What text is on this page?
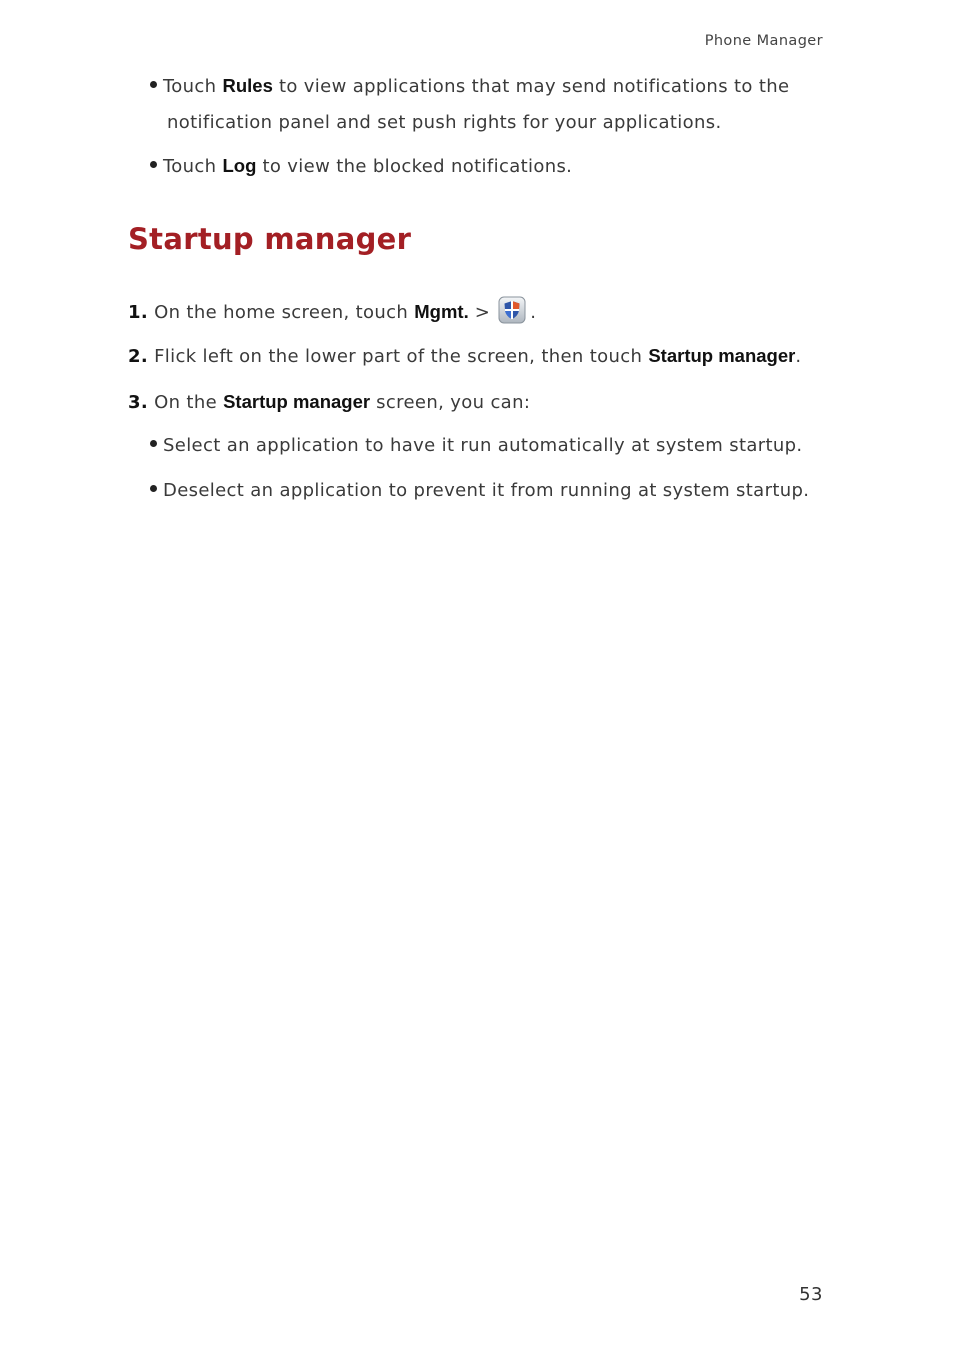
Phone Manager
Touch Rules to view applications that may send notifications to the
notification panel and set push rights for your applications.
Touch Log to view the blocked notifications.
Startup manager
1. On the home screen, touch Mgmt. > .
2. Flick left on the lower part of the screen, then touch Startup manager.
3. On the Startup manager screen, you can:
Select an application to have it run automatically at system startup.
Deselect an application to prevent it from running at system startup.
53
